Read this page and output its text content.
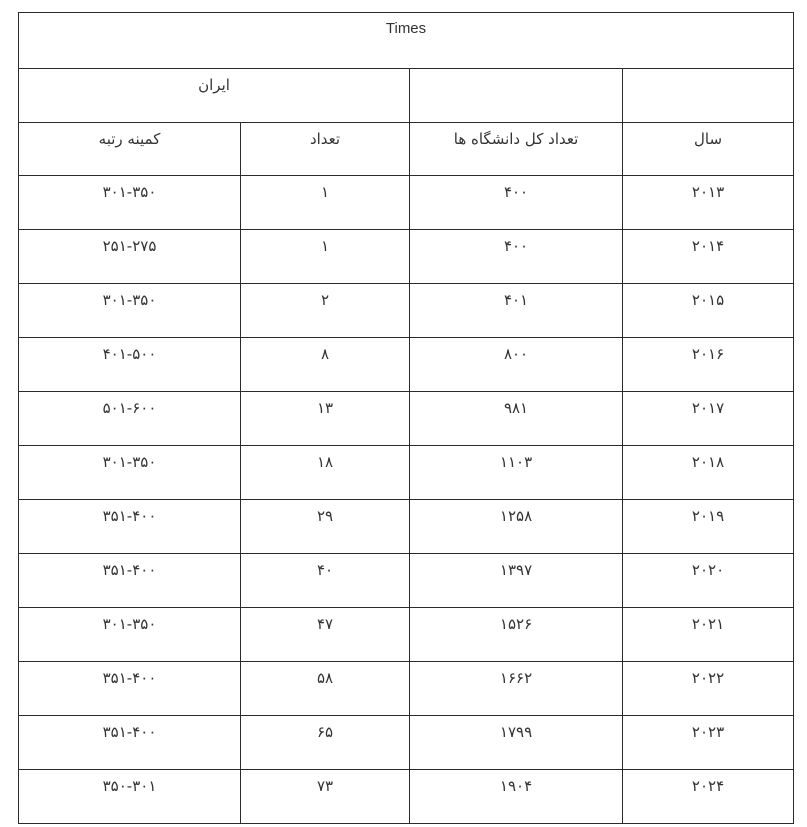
Times			
		ایران	
سال	تعداد کل دانشگاه ها	تعداد	کمینه رتبه
۲۰۱۳	۴۰۰	۱	۳۰۱-۳۵۰
۲۰۱۴	۴۰۰	۱	۲۵۱-۲۷۵
۲۰۱۵	۴۰۱	۲	۳۰۱-۳۵۰
۲۰۱۶	۸۰۰	۸	۴۰۱-۵۰۰
۲۰۱۷	۹۸۱	۱۳	۵۰۱-۶۰۰
۲۰۱۸	۱۱۰۳	۱۸	۳۰۱-۳۵۰
۲۰۱۹	۱۲۵۸	۲۹	۳۵۱-۴۰۰
۲۰۲۰	۱۳۹۷	۴۰	۳۵۱-۴۰۰
۲۰۲۱	۱۵۲۶	۴۷	۳۰۱-۳۵۰
۲۰۲۲	۱۶۶۲	۵۸	۳۵۱-۴۰۰
۲۰۲۳	۱۷۹۹	۶۵	۳۵۱-۴۰۰
۲۰۲۴	۱۹۰۴	۷۳	۳۵۰-۳۰۱
